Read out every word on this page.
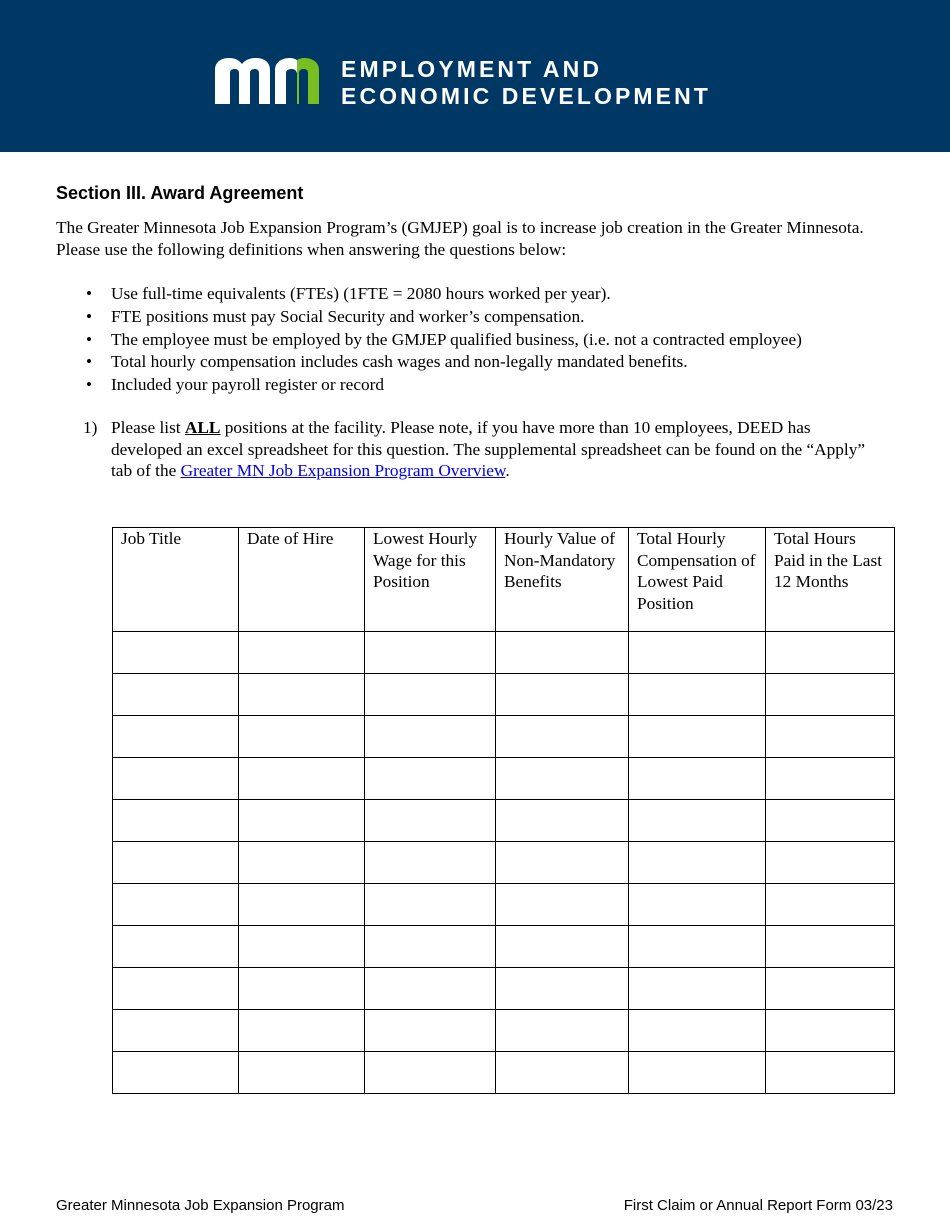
EMPLOYMENT AND
ECONOMIC DEVELOPMENT
Section III. Award Agreement
The Greater Minnesota Job Expansion Program’s (GMJEP) goal is to increase job creation in the Greater Minnesota. Please use the following definitions when answering the questions below:
• Use full-time equivalents (FTEs) (1FTE = 2080 hours worked per year).
• FTE positions must pay Social Security and worker’s compensation.
• The employee must be employed by the GMJEP qualified business, (i.e. not a contracted employee)
• Total hourly compensation includes cash wages and non-legally mandated benefits.
• Included your payroll register or record
1) Please list ALL positions at the facility. Please note, if you have more than 10 employees, DEED has developed an excel spreadsheet for this question. The supplemental spreadsheet can be found on the “Apply” tab of the Greater MN Job Expansion Program Overview.
Job Title	Date of Hire	Lowest Hourly Wage for this Position	Hourly Value of Non-Mandatory Benefits	Total Hourly Compensation of Lowest Paid Position	Total Hours Paid in the Last 12 Months

Greater Minnesota Job Expansion Program	First Claim or Annual Report Form 03/23
